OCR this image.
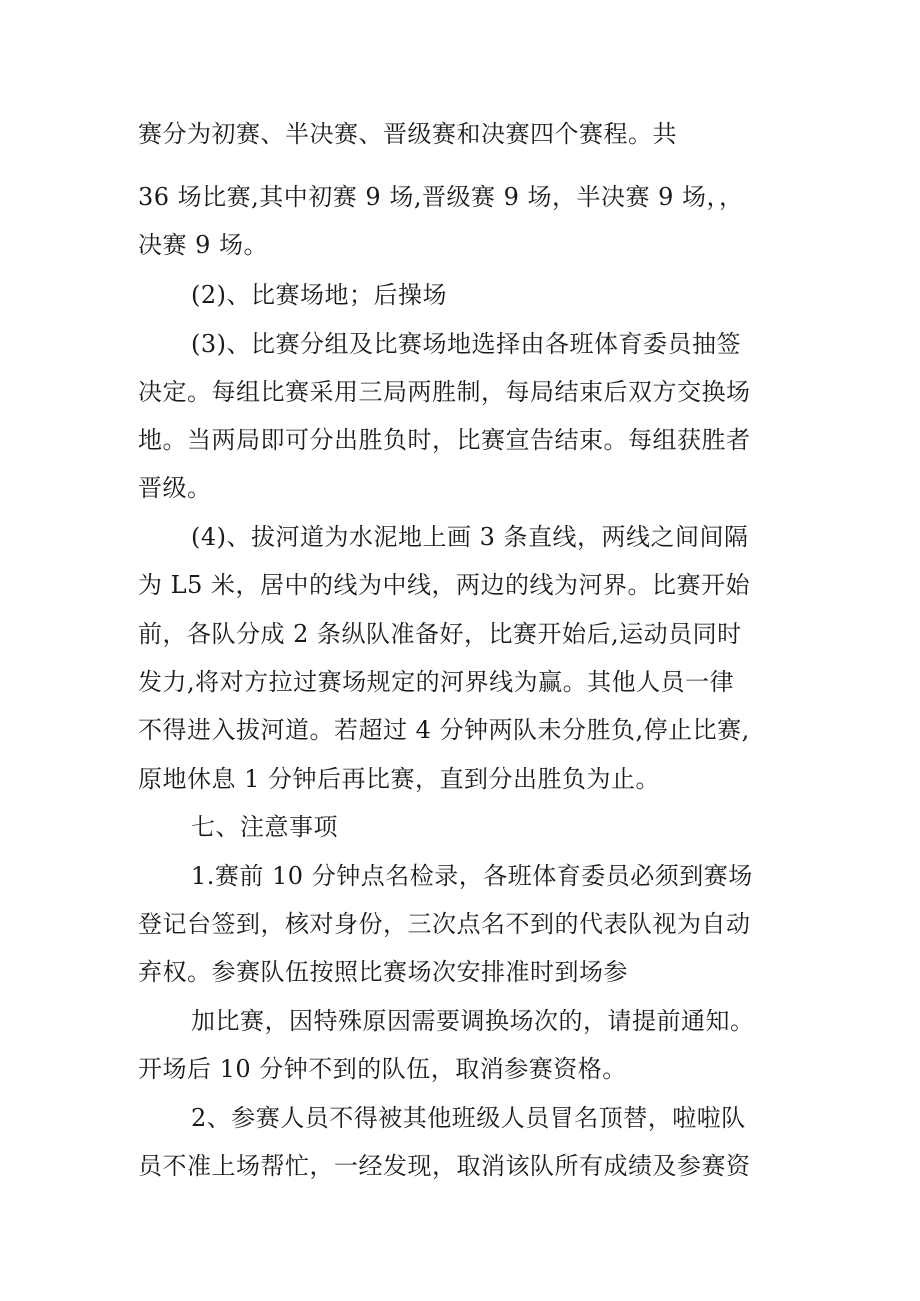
赛分为初赛、半决赛、晋级赛和决赛四个赛程。共

36 场比赛,其中初赛 9 场,晋级赛 9 场，半决赛 9 场，，

决赛 9 场。

(2)、比赛场地；后操场

(3)、比赛分组及比赛场地选择由各班体育委员抽签

决定。每组比赛采用三局两胜制，每局结束后双方交换场

地。当两局即可分出胜负时，比赛宣告结束。每组获胜者

晋级。

(4)、拔河道为水泥地上画 3 条直线，两线之间间隔

为 L5 米，居中的线为中线，两边的线为河界。比赛开始

前，各队分成 2 条纵队准备好，比赛开始后,运动员同时

发力,将对方拉过赛场规定的河界线为赢。其他人员一律

不得进入拔河道。若超过 4 分钟两队未分胜负,停止比赛,

原地休息 1 分钟后再比赛，直到分出胜负为止。

七、注意事项

1.赛前 10 分钟点名检录，各班体育委员必须到赛场

登记台签到，核对身份，三次点名不到的代表队视为自动

弃权。参赛队伍按照比赛场次安排准时到场参

加比赛，因特殊原因需要调换场次的，请提前通知。

开场后 10 分钟不到的队伍，取消参赛资格。

2、参赛人员不得被其他班级人员冒名顶替，啦啦队

员不准上场帮忙，一经发现，取消该队所有成绩及参赛资
